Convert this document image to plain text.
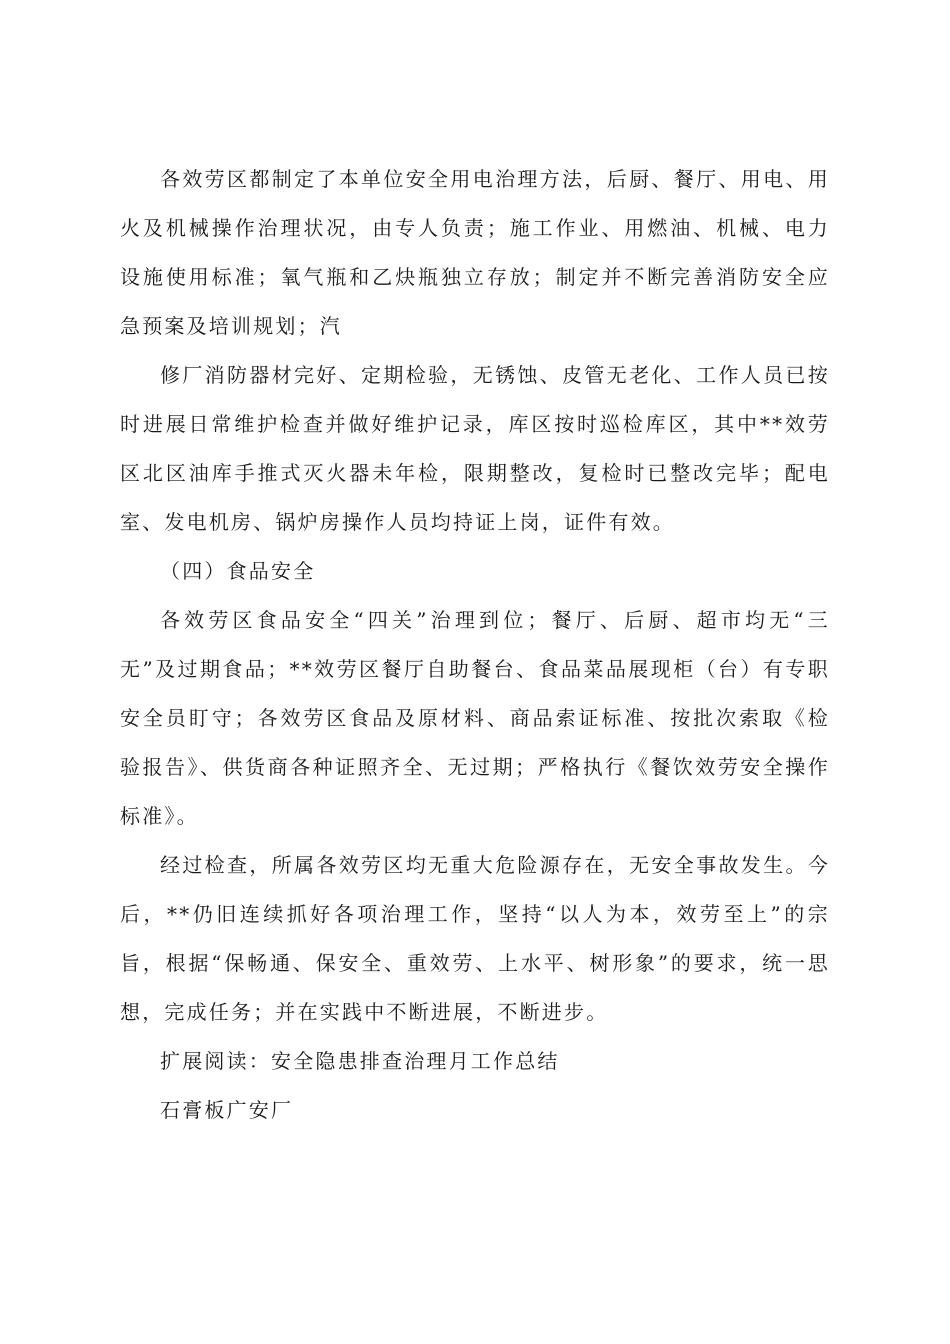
各效劳区都制定了本单位安全用电治理方法，后厨、餐厅、用电、用火及机械操作治理状况，由专人负责；施工作业、用燃油、机械、电力设施使用标准；氧气瓶和乙炔瓶独立存放；制定并不断完善消防安全应急预案及培训规划；汽

修厂消防器材完好、定期检验，无锈蚀、皮管无老化、工作人员已按时进展日常维护检查并做好维护记录，库区按时巡检库区，其中**效劳区北区油库手推式灭火器未年检，限期整改，复检时已整改完毕；配电室、发电机房、锅炉房操作人员均持证上岗，证件有效。

（四）食品安全

各效劳区食品安全“四关”治理到位；餐厅、后厨、超市均无“三无”及过期食品；**效劳区餐厅自助餐台、食品菜品展现柜（台）有专职安全员盯守；各效劳区食品及原材料、商品索证标准、按批次索取《检验报告》、供货商各种证照齐全、无过期；严格执行《餐饮效劳安全操作标准》。

经过检查，所属各效劳区均无重大危险源存在，无安全事故发生。今后，**仍旧连续抓好各项治理工作，坚持“以人为本，效劳至上”的宗旨，根据“保畅通、保安全、重效劳、上水平、树形象”的要求，统一思想，完成任务；并在实践中不断进展，不断进步。

扩展阅读：安全隐患排查治理月工作总结

石膏板广安厂
